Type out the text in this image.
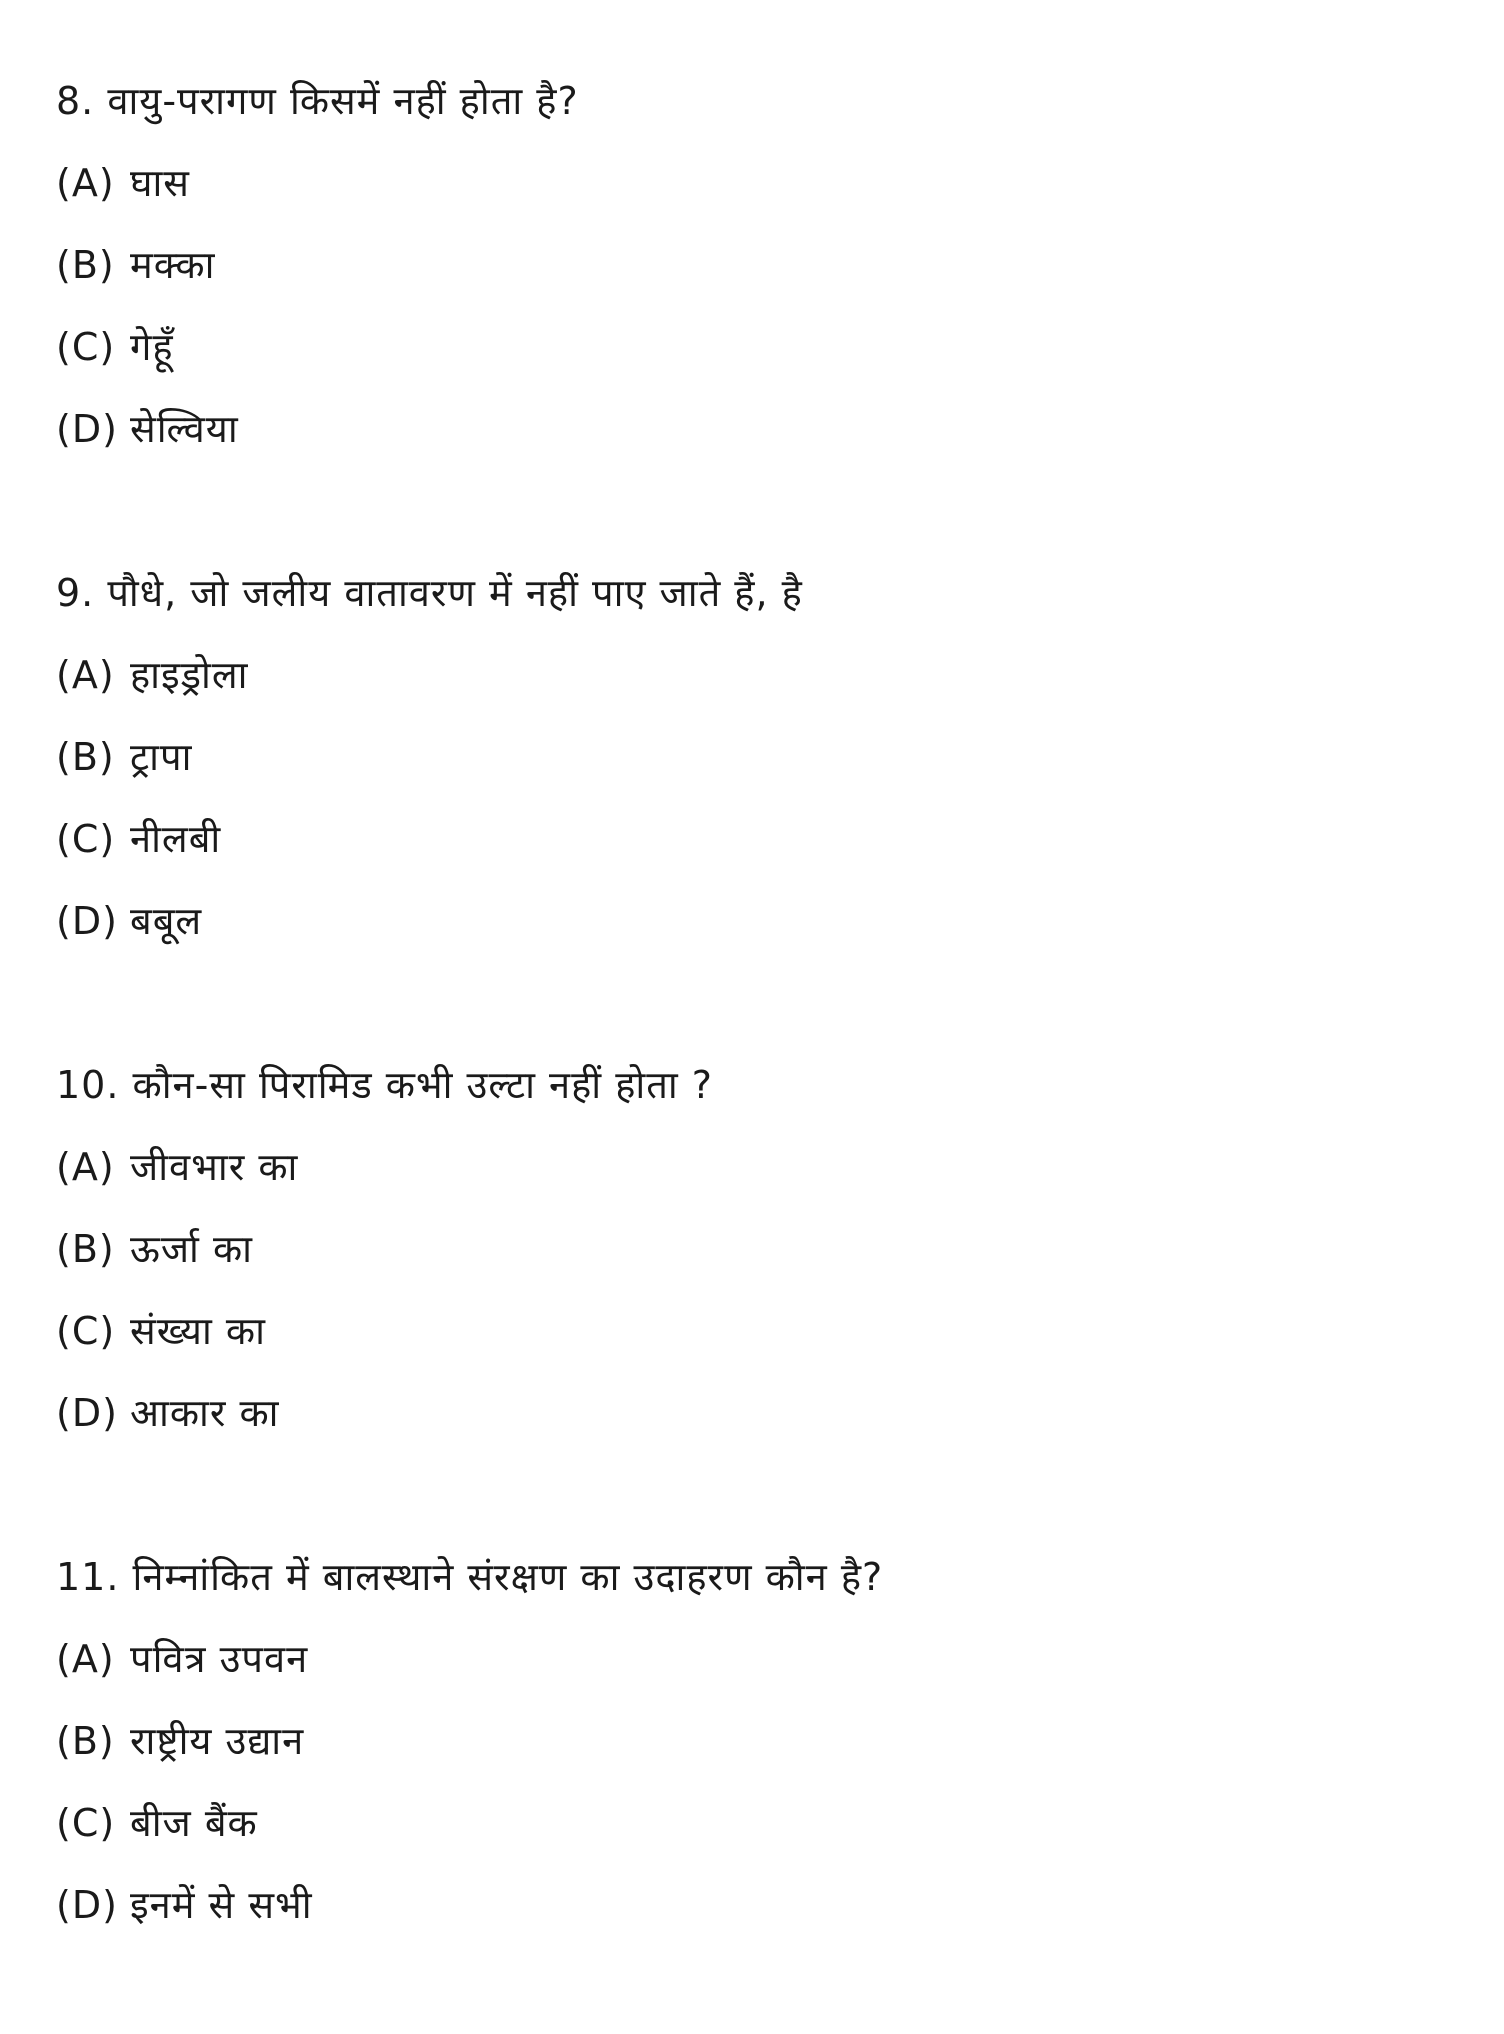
8. वायु-परागण किसमें नहीं होता है?
(A) घास
(B) मक्का
(C) गेहूँ
(D) सेल्विया
9. पौधे, जो जलीय वातावरण में नहीं पाए जाते हैं, है
(A) हाइड्रोला
(B) ट्रापा
(C) नीलबी
(D) बबूल
10. कौन-सा पिरामिड कभी उल्टा नहीं होता ?
(A) जीवभार का
(B) ऊर्जा का
(C) संख्या का
(D) आकार का
11. निम्नांकित में बालस्थाने संरक्षण का उदाहरण कौन है?
(A) पवित्र उपवन
(B) राष्ट्रीय उद्यान
(C) बीज बैंक
(D) इनमें से सभी
